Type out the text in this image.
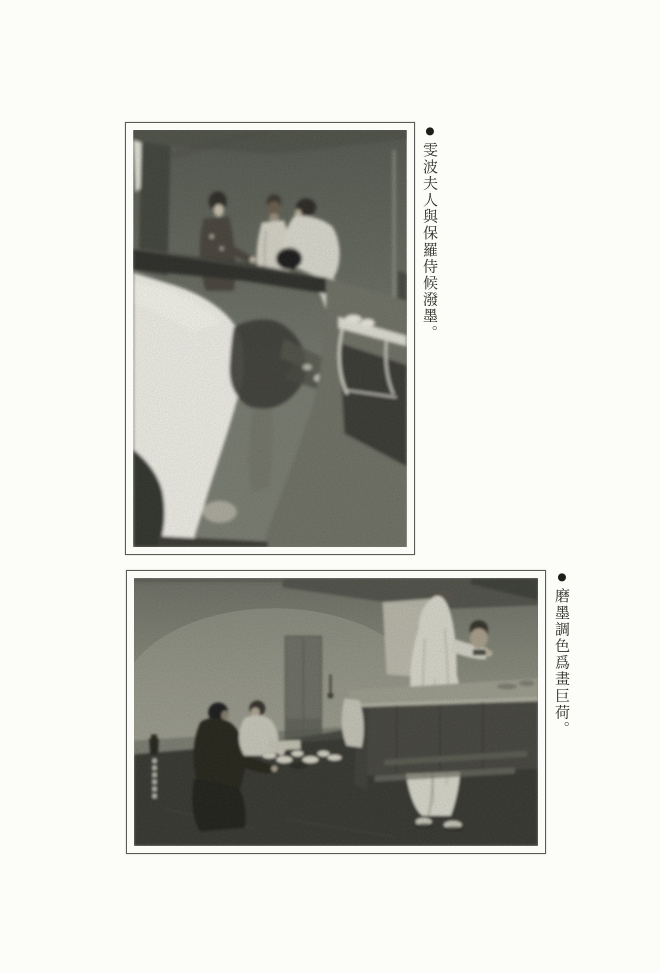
●雯波夫人與保羅侍候潑墨。
●磨墨調色爲畫巨荷。
